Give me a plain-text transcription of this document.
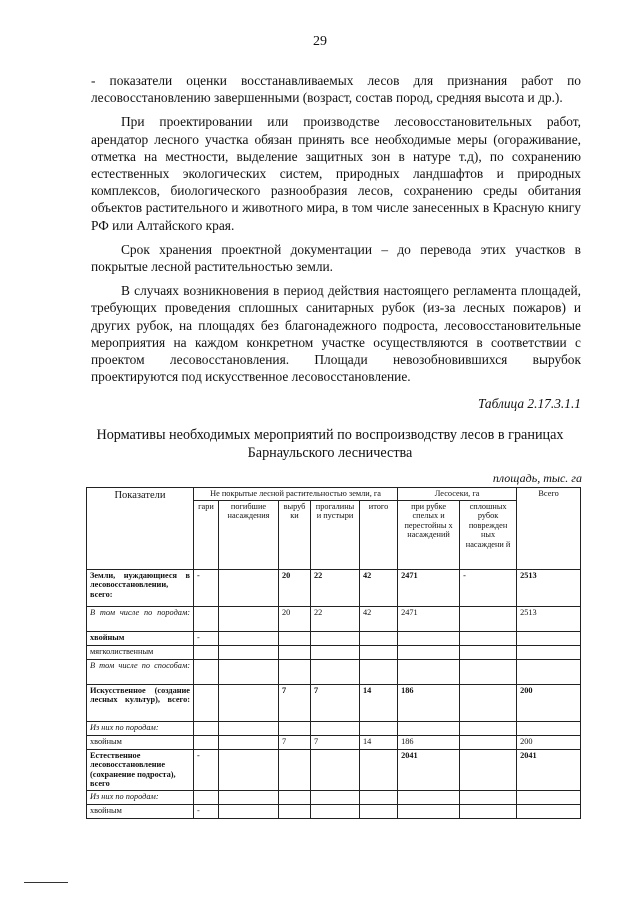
29

- показатели оценки восстанавливаемых лесов для признания работ по лесовосстановлению завершенными (возраст, состав пород, средняя высота и др.).

При проектировании или производстве лесовосстановительных работ, арендатор лесного участка обязан принять все необходимые меры (огораживание, отметка на местности, выделение защитных зон в натуре т.д), по сохранению естественных экологических систем, природных ландшафтов и природных комплексов, биологического разнообразия лесов, сохранению среды обитания объектов растительного и животного мира, в том числе занесенных в Красную книгу РФ или Алтайского края.

Срок хранения проектной документации – до перевода этих участков в покрытые лесной растительностью земли.

В случаях возникновения в период действия настоящего регламента площадей, требующих проведения сплошных санитарных рубок (из-за лесных пожаров) и других рубок, на площадях без благонадежного подроста, лесовосстановительные мероприятия на каждом конкретном участке осуществляются в соответствии с проектом лесовосстановления. Площади невозобновившихся вырубок проектируются под искусственное лесовосстановление.

Таблица 2.17.3.1.1
Нормативы необходимых мероприятий по воспроизводству лесов в границах Барнаульского лесничества
площадь, тыс. га
Показатели	Не покрытые лесной растительностью земли, га					Лесосеки, га		Всего
	гари	погибшие насаждения	выруб ки	прогалины и пустыри	итого	при рубке спелых и перестойны х насаждений	сплошных рубок поврежден ных насаждени й	
Земли, нуждающиеся в лесовосстановлении, всего:	-		20	22	42	2471	-	2513
В том числе по породам:			20	22	42	2471		2513
хвойным	-							
мягколиственным								
В том числе по способам:								
Искусственное (создание лесных культур), всего:			7	7	14	186		200
Из них по породам:								
хвойным			7	7	14	186		200
Естественное лесовосстановление (сохранение подроста), всего	-					2041		2041
Из них по породам:								
хвойным	-							
